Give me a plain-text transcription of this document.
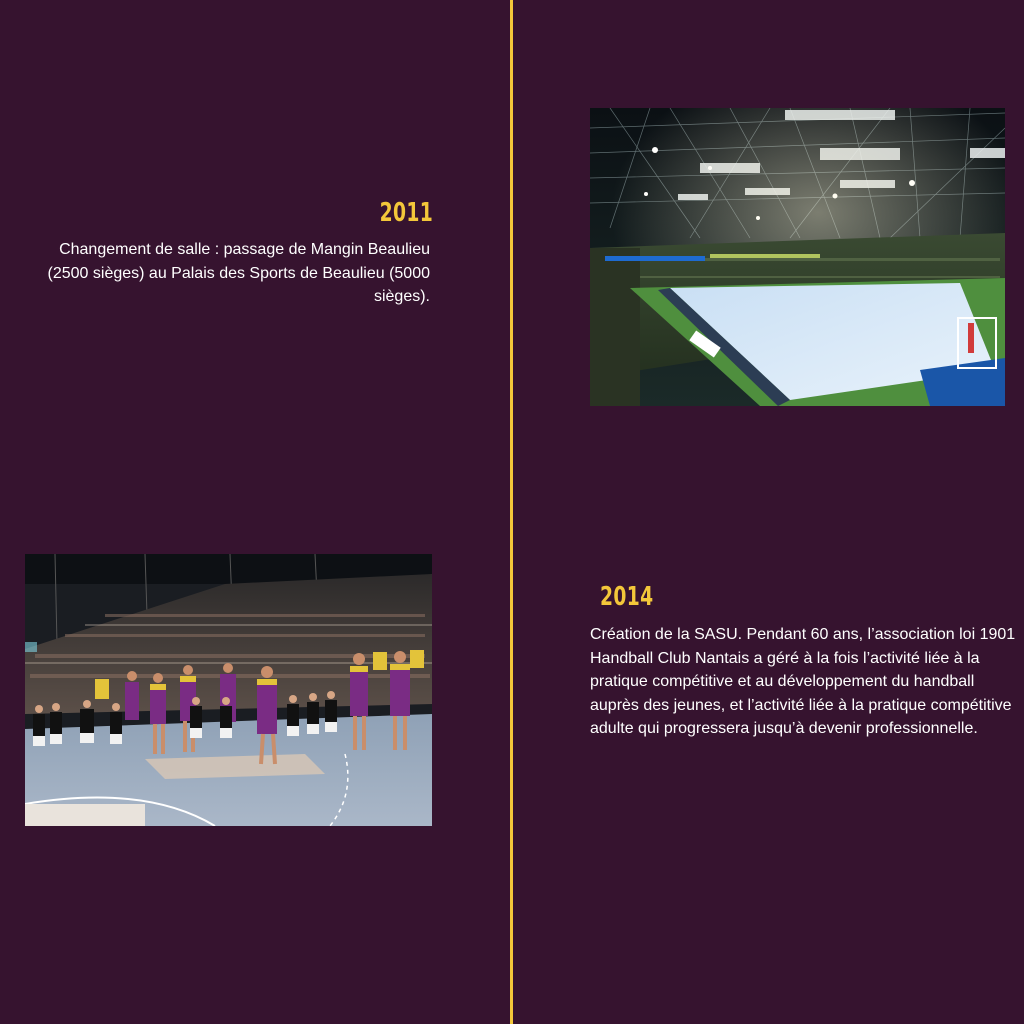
2011
Changement de salle : passage de Mangin Beaulieu (2500 sièges) au Palais des Sports de Beaulieu (5000 sièges).
2014
Création de la SASU. Pendant 60 ans, l’association loi 1901 Handball Club Nantais a géré à la fois l’activité liée à la pratique compétitive et au développement du handball auprès des jeunes, et l’activité liée à la pratique compétitive adulte qui progressera jusqu’à devenir professionnelle.
